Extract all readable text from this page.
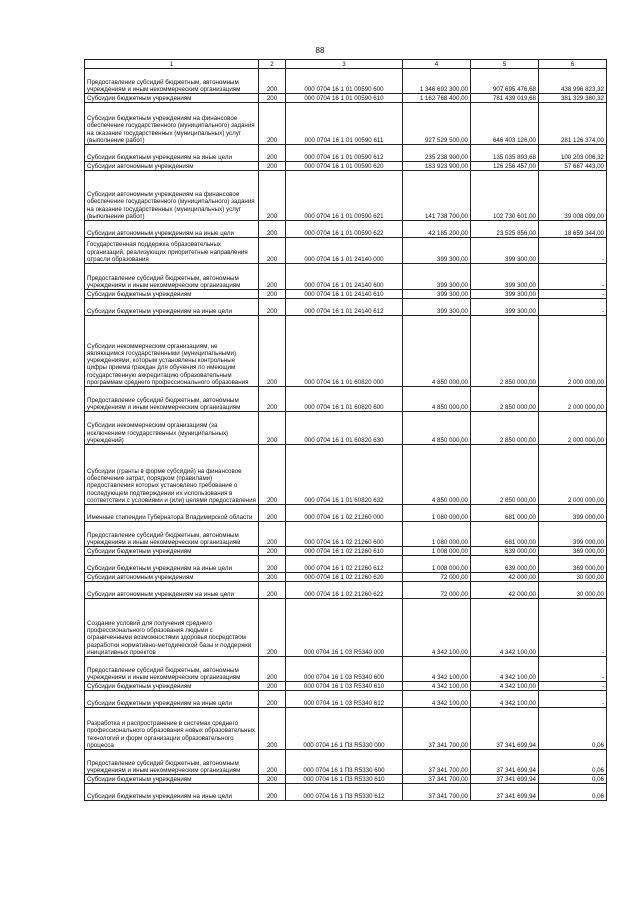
88
1	2	3	4	5	6
Предоставление субсидий бюджетным, автономным учреждениям и иным некоммерческим организациям	200	000 0704 16 1 01 00590 600	1 346 692 300,00	907 695 476,68	438 996 823,32
Субсидии бюджетным учреждениям	200	000 0704 16 1 01 00590 610	1 162 768 400,00	781 439 019,68	381 329 380,32
Субсидии бюджетным учреждениям на финансовое обеспечение государственного (муниципального) задания на оказание государственных (муниципальных) услуг (выполнение работ)	200	000 0704 16 1 01 00590 611	927 529 500,00	646 403 126,00	281 126 374,00
Субсидии бюджетным учреждениям на иные цели	200	000 0704 16 1 01 00590 612	235 238 900,00	135 035 893,68	100 203 006,32
Субсидии автономным учреждениям	200	000 0704 16 1 01 00590 620	183 923 900,00	126 256 457,00	57 667 443,00
Субсидии автономным учреждениям на финансовое обеспечение государственного (муниципального) задания на оказание государственных (муниципальных) услуг (выполнение работ)	200	000 0704 16 1 01 00590 621	141 738 700,00	102 730 601,00	39 008 099,00
Субсидии автономным учреждениям на иные цели	200	000 0704 16 1 01 00590 622	42 185 200,00	23 525 856,00	18 659 344,00
Государственная поддержка образовательных организаций, реализующих приоритетные направления отрасли образования	200	000 0704 16 1 01 24140 000	399 300,00	399 300,00	-
Предоставление субсидий бюджетным, автономным учреждениям и иным некоммерческим организациям	200	000 0704 16 1 01 24140 600	399 300,00	399 300,00	-
Субсидии бюджетным учреждениям	200	000 0704 16 1 01 24140 610	399 300,00	399 300,00	-
Субсидии бюджетным учреждениям на иные цели	200	000 0704 16 1 01 24140 612	399 300,00	399 300,00	-
Субсидии некоммерческим организациям, не являющимся государственными (муниципальными) учреждениями, которым установлены контрольные цифры приема граждан для обучения по имеющим государственную аккредитацию образовательным программам среднего профессионального образования	200	000 0704 16 1 01 60820 000	4 850 000,00	2 850 000,00	2 000 000,00
Предоставление субсидий бюджетным, автономным учреждениям и иным некоммерческим организациям	200	000 0704 16 1 01 60820 600	4 850 000,00	2 850 000,00	2 000 000,00
Субсидии некоммерческим организациям (за исключением государственных (муниципальных) учреждений)	200	000 0704 16 1 01 60820 630	4 850 000,00	2 850 000,00	2 000 000,00
Субсидии (гранты в форме субсидий) на финансовое обеспечение затрат, порядком (правилами) предоставления которых установлено требование о последующем подтверждении их использования в соответствии с условиями и (или) целями предоставления	200	000 0704 16 1 01 60820 632	4 850 000,00	2 850 000,00	2 000 000,00
Именные стипендии Губернатора Владимирской области	200	000 0704 16 1 02 21260 000	1 080 000,00	681 000,00	399 000,00
Предоставление субсидий бюджетным, автономным учреждениям и иным некоммерческим организациям	200	000 0704 16 1 02 21260 600	1 080 000,00	681 000,00	399 000,00
Субсидии бюджетным учреждениям	200	000 0704 16 1 02 21260 610	1 008 000,00	639 000,00	369 000,00
Субсидии бюджетным учреждениям на иные цели	200	000 0704 16 1 02 21260 612	1 008 000,00	639 000,00	369 000,00
Субсидии автономным учреждениям	200	000 0704 16 1 02 21260 620	72 000,00	42 000,00	30 000,00
Субсидии автономным учреждениям на иные цели	200	000 0704 16 1 02 21260 622	72 000,00	42 000,00	30 000,00
Создание условий для получения среднего профессионального образования людьми с ограниченными возможностями здоровья посредством разработки нормативно-методической базы и поддержки инициативных проектов	200	000 0704 16 1 03 R5340 000	4 342 100,00	4 342 100,00	-
Предоставление субсидий бюджетным, автономным учреждениям и иным некоммерческим организациям	200	000 0704 16 1 03 R5340 600	4 342 100,00	4 342 100,00	-
Субсидии бюджетным учреждениям	200	000 0704 16 1 03 R5340 610	4 342 100,00	4 342 100,00	-
Субсидии бюджетным учреждениям на иные цели	200	000 0704 16 1 03 R5340 612	4 342 100,00	4 342 100,00	-
Разработка и распространение в системах среднего профессионального образования новых образовательных технологий и форм организации образовательного процесса	200	000 0704 16 1 П3 R5330 000	37 341 700,00	37 341 699,94	0,06
Предоставление субсидий бюджетным, автономным учреждениям и иным некоммерческим организациям	200	000 0704 16 1 П3 R5330 600	37 341 700,00	37 341 699,94	0,06
Субсидии бюджетным учреждениям	200	000 0704 16 1 П3 R5330 610	37 341 700,00	37 341 699,94	0,06
Субсидии бюджетным учреждениям на иные цели	200	000 0704 16 1 П3 R5330 612	37 341 700,00	37 341 699,94	0,06
